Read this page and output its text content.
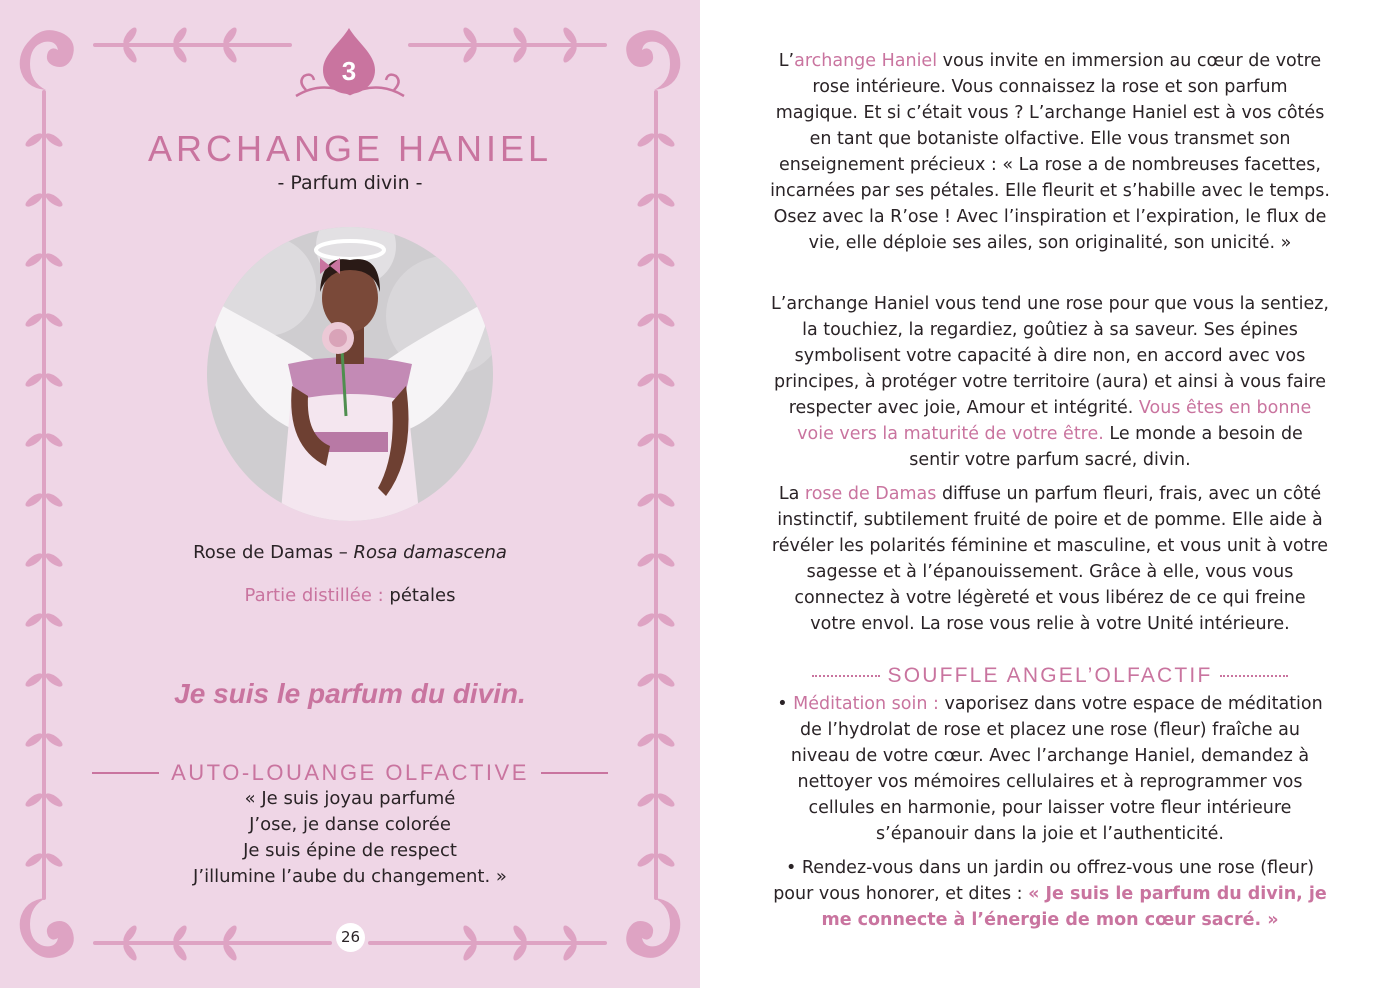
3
ARCHANGE HANIEL
- Parfum divin -
Rose de Damas – Rosa damascena
Partie distillée : pétales
Je suis le parfum du divin.
AUTO-LOUANGE OLFACTIVE
« Je suis joyau parfumé
J’ose, je danse colorée
Je suis épine de respect
J’illumine l’aube du changement. »
26

L’archange Haniel vous invite en immersion au cœur de votre rose intérieure. Vous connaissez la rose et son parfum magique. Et si c’était vous ? L’archange Haniel est à vos côtés en tant que botaniste olfactive. Elle vous transmet son enseignement précieux : « La rose a de nombreuses facettes, incarnées par ses pétales. Elle fleurit et s’habille avec le temps. Osez avec la R’ose ! Avec l’inspiration et l’expiration, le flux de vie, elle déploie ses ailes, son originalité, son unicité. »

L’archange Haniel vous tend une rose pour que vous la sentiez, la touchiez, la regardiez, goûtiez à sa saveur. Ses épines symbolisent votre capacité à dire non, en accord avec vos principes, à protéger votre territoire (aura) et ainsi à vous faire respecter avec joie, Amour et intégrité. Vous êtes en bonne voie vers la maturité de votre être. Le monde a besoin de sentir votre parfum sacré, divin.

La rose de Damas diffuse un parfum fleuri, frais, avec un côté instinctif, subtilement fruité de poire et de pomme. Elle aide à révéler les polarités féminine et masculine, et vous unit à votre sagesse et à l’épanouissement. Grâce à elle, vous vous connectez à votre légèreté et vous libérez de ce qui freine votre envol. La rose vous relie à votre Unité intérieure.

SOUFFLE ANGEL’OLFACTIF

• Méditation soin : vaporisez dans votre espace de méditation de l’hydrolat de rose et placez une rose (fleur) fraîche au niveau de votre cœur. Avec l’archange Haniel, demandez à nettoyer vos mémoires cellulaires et à reprogrammer vos cellules en harmonie, pour laisser votre fleur intérieure s’épanouir dans la joie et l’authenticité.

• Rendez-vous dans un jardin ou offrez-vous une rose (fleur) pour vous honorer, et dites : « Je suis le parfum du divin, je me connecte à l’énergie de mon cœur sacré. »
